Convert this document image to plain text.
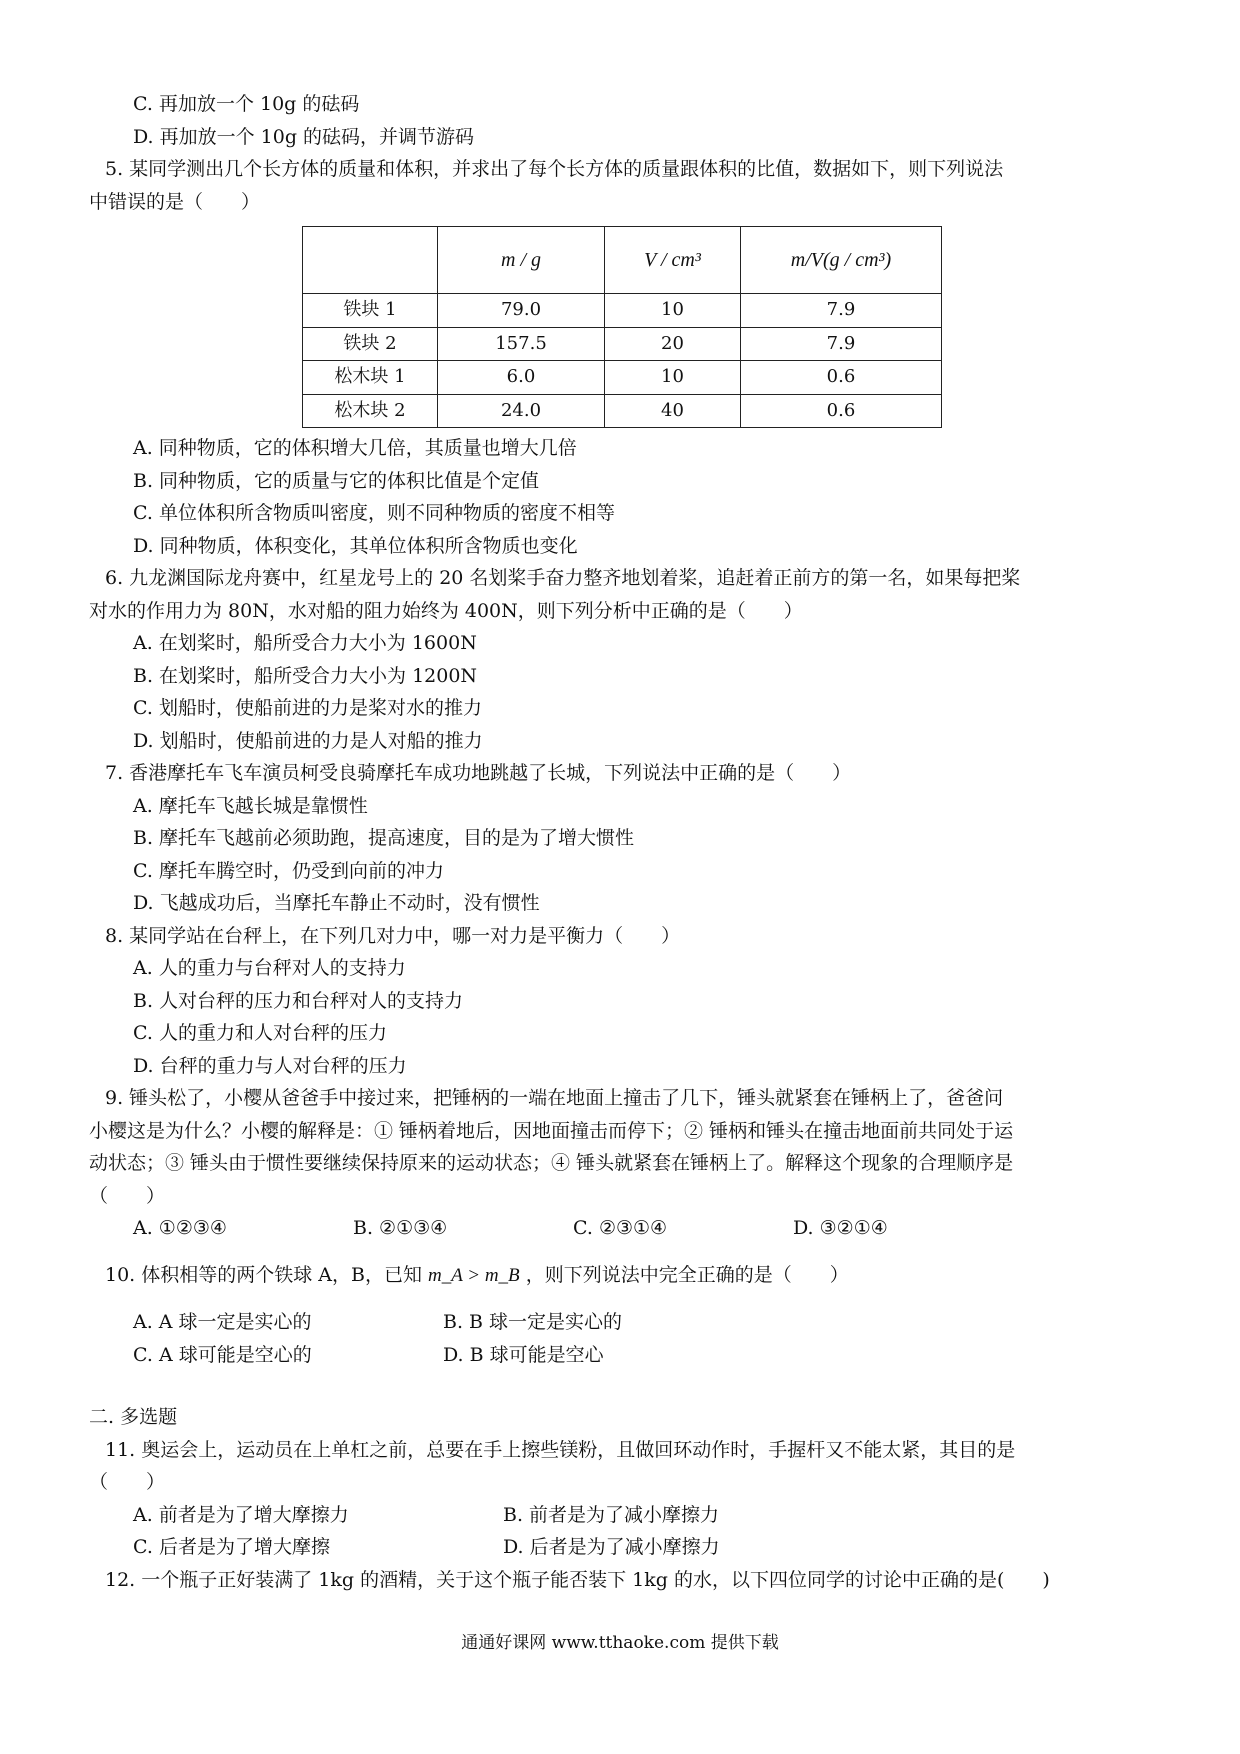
C. 再加放一个 10g 的砝码
D. 再加放一个 10g 的砝码，并调节游码
5. 某同学测出几个长方体的质量和体积，并求出了每个长方体的质量跟体积的比值，数据如下，则下列说法
中错误的是（　　）
	m / g	V / cm³	m/V(g / cm³)
铁块 1	79.0	10	7.9
铁块 2	157.5	20	7.9
松木块 1	6.0	10	0.6
松木块 2	24.0	40	0.6
A. 同种物质，它的体积增大几倍，其质量也增大几倍
B. 同种物质，它的质量与它的体积比值是个定值
C. 单位体积所含物质叫密度，则不同种物质的密度不相等
D. 同种物质，体积变化，其单位体积所含物质也变化
6. 九龙渊国际龙舟赛中，红星龙号上的 20 名划桨手奋力整齐地划着桨，追赶着正前方的第一名，如果每把桨
对水的作用力为 80N，水对船的阻力始终为 400N，则下列分析中正确的是（　　）
A. 在划桨时，船所受合力大小为 1600N
B. 在划桨时，船所受合力大小为 1200N
C. 划船时，使船前进的力是桨对水的推力
D. 划船时，使船前进的力是人对船的推力
7. 香港摩托车飞车演员柯受良骑摩托车成功地跳越了长城，下列说法中正确的是（　　）
A. 摩托车飞越长城是靠惯性
B. 摩托车飞越前必须助跑，提高速度，目的是为了增大惯性
C. 摩托车腾空时，仍受到向前的冲力
D. 飞越成功后，当摩托车静止不动时，没有惯性
8. 某同学站在台秤上，在下列几对力中，哪一对力是平衡力（　　）
A. 人的重力与台秤对人的支持力
B. 人对台秤的压力和台秤对人的支持力
C. 人的重力和人对台秤的压力
D. 台秤的重力与人对台秤的压力
9. 锤头松了，小樱从爸爸手中接过来，把锤柄的一端在地面上撞击了几下，锤头就紧套在锤柄上了，爸爸问
小樱这是为什么？小樱的解释是：① 锤柄着地后，因地面撞击而停下；② 锤柄和锤头在撞击地面前共同处于运
动状态；③ 锤头由于惯性要继续保持原来的运动状态；④ 锤头就紧套在锤柄上了。解释这个现象的合理顺序是
（　　）
A. ①②③④	B. ②①③④	C. ②③①④	D. ③②①④
10. 体积相等的两个铁球 A，B，已知 m_A > m_B ，则下列说法中完全正确的是（　　）
A. A 球一定是实心的	B. B 球一定是实心的
C. A 球可能是空心的	D. B 球可能是空心
二. 多选题
11. 奥运会上，运动员在上单杠之前，总要在手上擦些镁粉，且做回环动作时，手握杆又不能太紧，其目的是
（　　）
A. 前者是为了增大摩擦力	B. 前者是为了减小摩擦力
C. 后者是为了增大摩擦	D. 后者是为了减小摩擦力
12. 一个瓶子正好装满了 1kg 的酒精，关于这个瓶子能否装下 1kg 的水，以下四位同学的讨论中正确的是(　　)
通通好课网 www.tthaoke.com 提供下载
